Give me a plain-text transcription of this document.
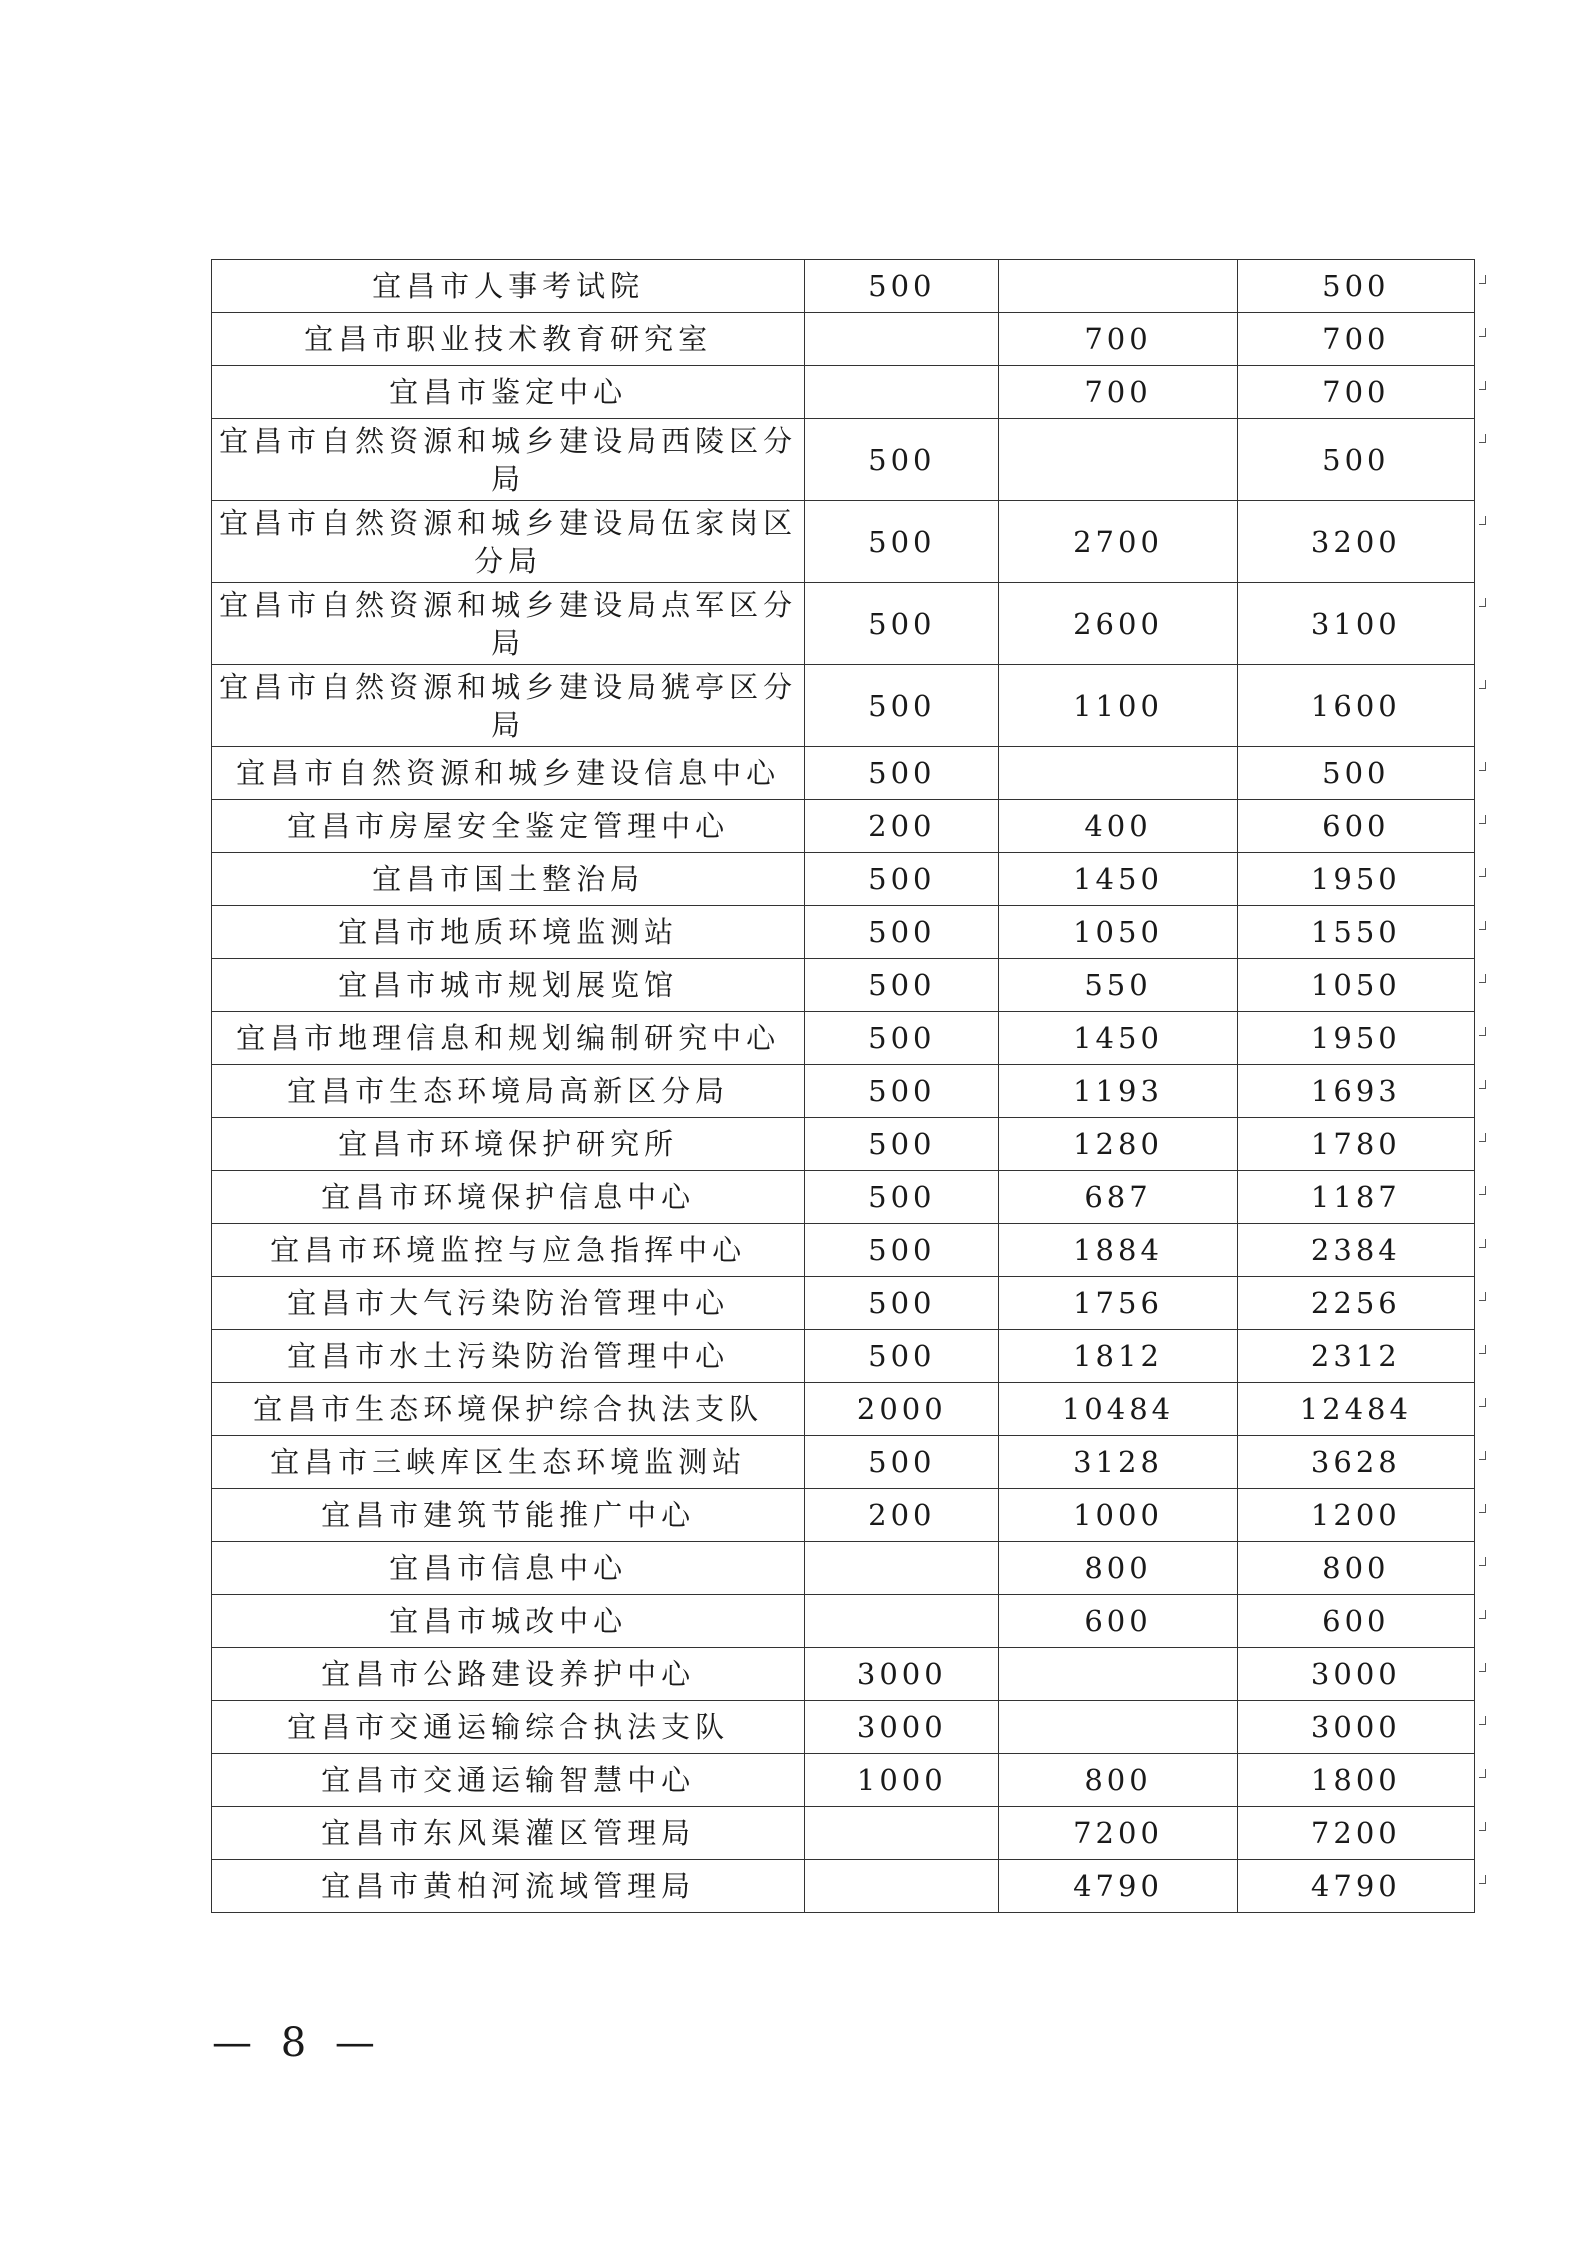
宜昌市人事考试院	500		500
宜昌市职业技术教育研究室		700	700
宜昌市鉴定中心		700	700
宜昌市自然资源和城乡建设局西陵区分局	500		500
宜昌市自然资源和城乡建设局伍家岗区分局	500	2700	3200
宜昌市自然资源和城乡建设局点军区分局	500	2600	3100
宜昌市自然资源和城乡建设局猇亭区分局	500	1100	1600
宜昌市自然资源和城乡建设信息中心	500		500
宜昌市房屋安全鉴定管理中心	200	400	600
宜昌市国土整治局	500	1450	1950
宜昌市地质环境监测站	500	1050	1550
宜昌市城市规划展览馆	500	550	1050
宜昌市地理信息和规划编制研究中心	500	1450	1950
宜昌市生态环境局高新区分局	500	1193	1693
宜昌市环境保护研究所	500	1280	1780
宜昌市环境保护信息中心	500	687	1187
宜昌市环境监控与应急指挥中心	500	1884	2384
宜昌市大气污染防治管理中心	500	1756	2256
宜昌市水土污染防治管理中心	500	1812	2312
宜昌市生态环境保护综合执法支队	2000	10484	12484
宜昌市三峡库区生态环境监测站	500	3128	3628
宜昌市建筑节能推广中心	200	1000	1200
宜昌市信息中心		800	800
宜昌市城改中心		600	600
宜昌市公路建设养护中心	3000		3000
宜昌市交通运输综合执法支队	3000		3000
宜昌市交通运输智慧中心	1000	800	1800
宜昌市东风渠灌区管理局		7200	7200
宜昌市黄柏河流域管理局		4790	4790
— 8 —
